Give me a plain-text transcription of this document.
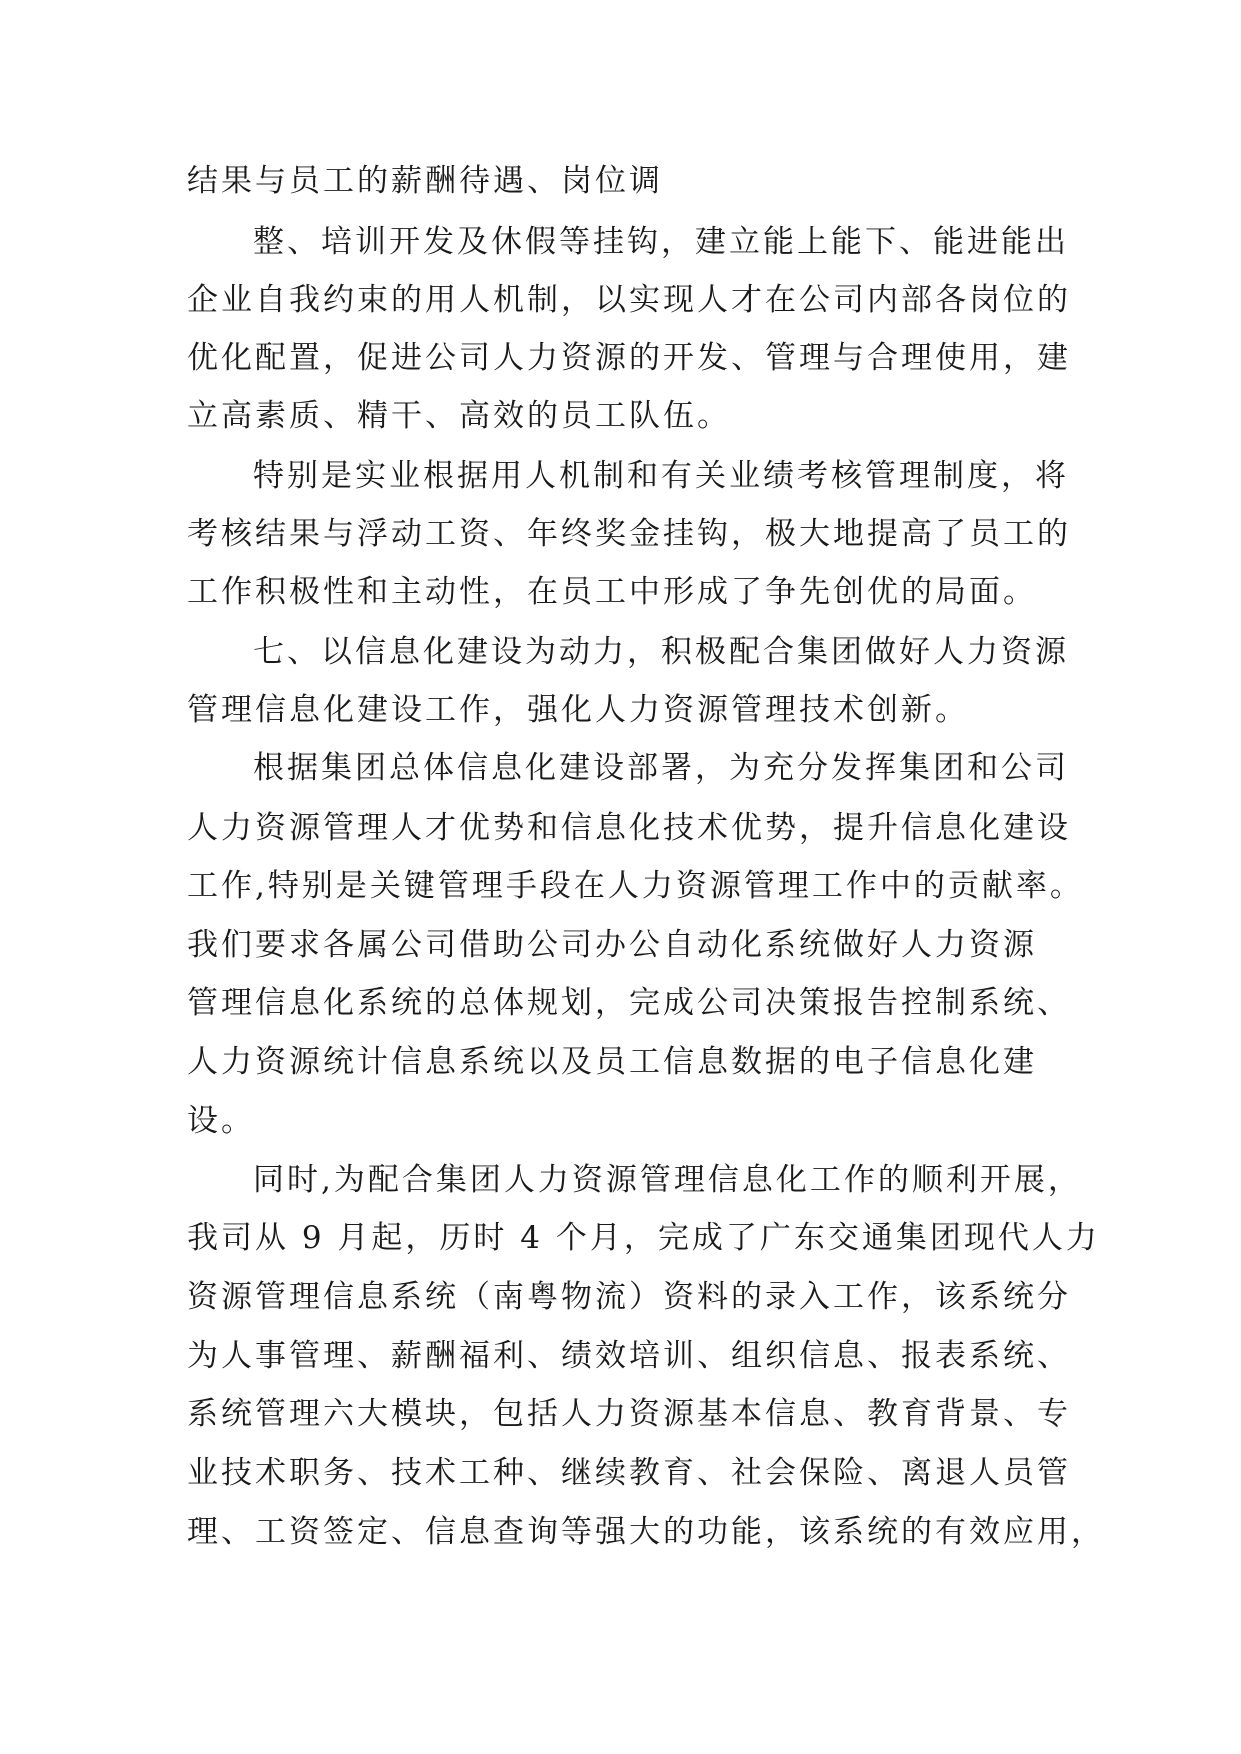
结果与员工的薪酬待遇、岗位调
整、培训开发及休假等挂钩，建立能上能下、能进能出
企业自我约束的用人机制，以实现人才在公司内部各岗位的
优化配置，促进公司人力资源的开发、管理与合理使用，建
立高素质、精干、高效的员工队伍。
特别是实业根据用人机制和有关业绩考核管理制度，将
考核结果与浮动工资、年终奖金挂钩，极大地提高了员工的
工作积极性和主动性，在员工中形成了争先创优的局面。
七、以信息化建设为动力，积极配合集团做好人力资源
管理信息化建设工作，强化人力资源管理技术创新。
根据集团总体信息化建设部署，为充分发挥集团和公司
人力资源管理人才优势和信息化技术优势，提升信息化建设
工作,特别是关键管理手段在人力资源管理工作中的贡献率。
我们要求各属公司借助公司办公自动化系统做好人力资源
管理信息化系统的总体规划，完成公司决策报告控制系统、
人力资源统计信息系统以及员工信息数据的电子信息化建
设。
同时,为配合集团人力资源管理信息化工作的顺利开展，
我司从 9 月起，历时 4 个月，完成了广东交通集团现代人力
资源管理信息系统（南粤物流）资料的录入工作，该系统分
为人事管理、薪酬福利、绩效培训、组织信息、报表系统、
系统管理六大模块，包括人力资源基本信息、教育背景、专
业技术职务、技术工种、继续教育、社会保险、离退人员管
理、工资签定、信息查询等强大的功能，该系统的有效应用，
